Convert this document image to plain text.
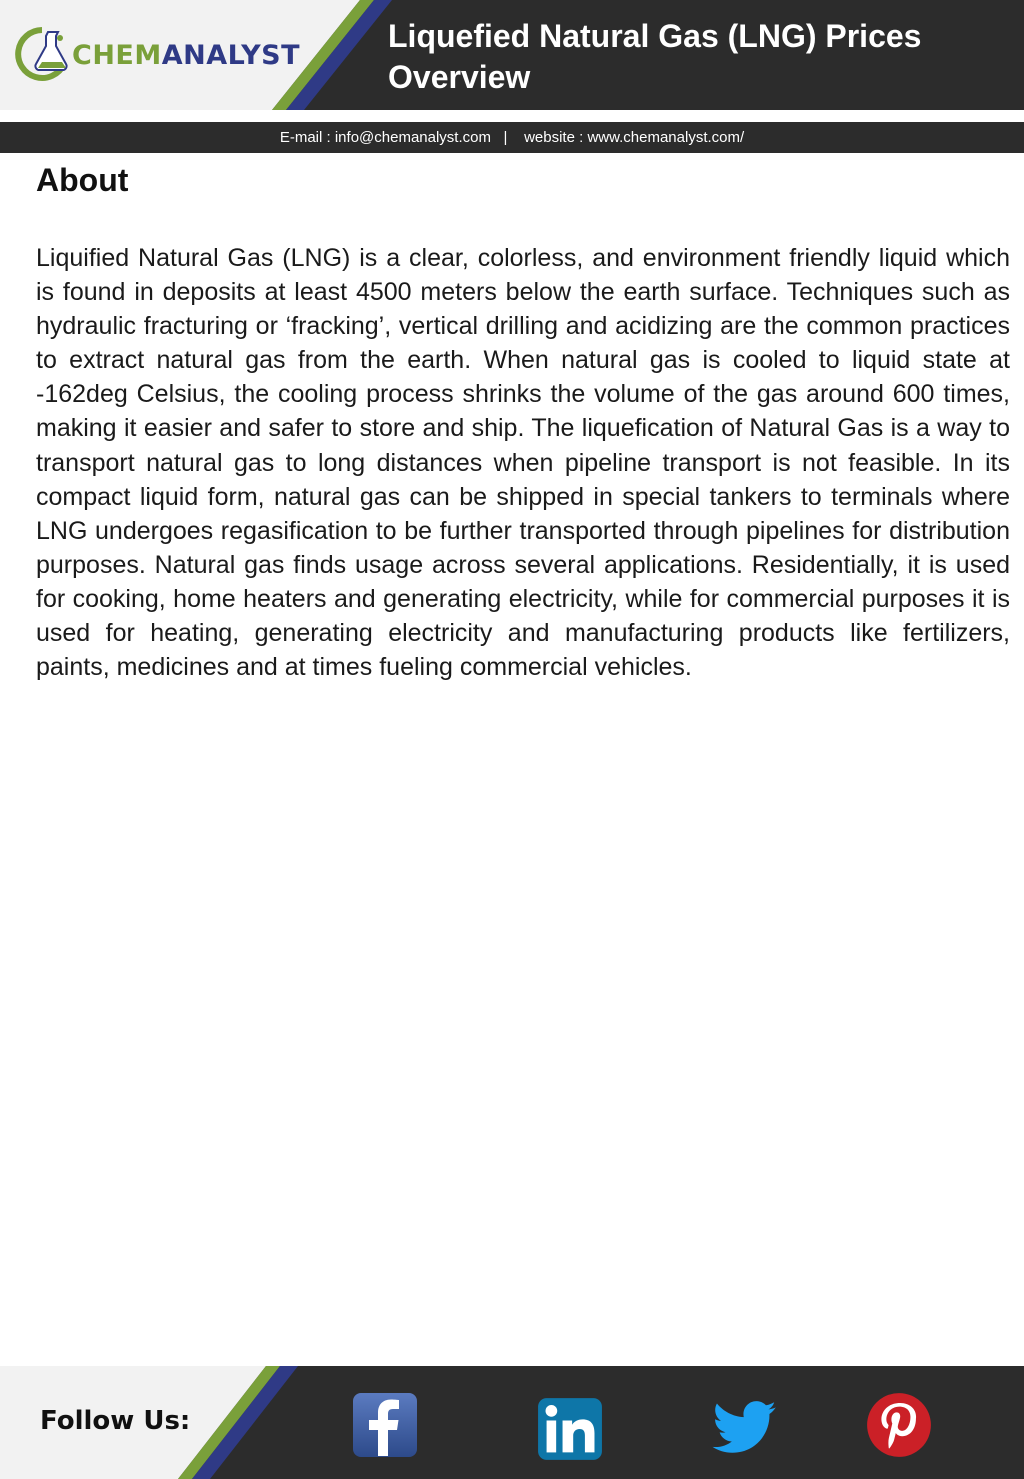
CHEMANALYST
Liquefied Natural Gas (LNG) Prices Overview
E-mail : info@chemanalyst.com
|
website : www.chemanalyst.com/
About

Liquified Natural Gas (LNG) is a clear, colorless, and environment friendly liquid which is found in deposits at least 4500 meters below the earth surface. Techniques such as hydraulic fracturing or ‘fracking’, vertical drilling and acidizing are the common practices to extract natural gas from the earth. When natural gas is cooled to liquid state at -162deg Celsius, the cooling process shrinks the volume of the gas around 600 times, making it easier and safer to store and ship. The liquefication of Natural Gas is a way to transport natural gas to long distances when pipeline transport is not feasible. In its compact liquid form, natural gas can be shipped in special tankers to terminals where LNG undergoes regasification to be further transported through pipelines for distribution purposes. Natural gas finds usage across several applications. Residentially, it is used for cooking, home heaters and generating electricity, while for commercial purposes it is used for heating, generating electricity and manufacturing products like fertilizers, paints, medicines and at times fueling commercial vehicles.

Follow Us:
